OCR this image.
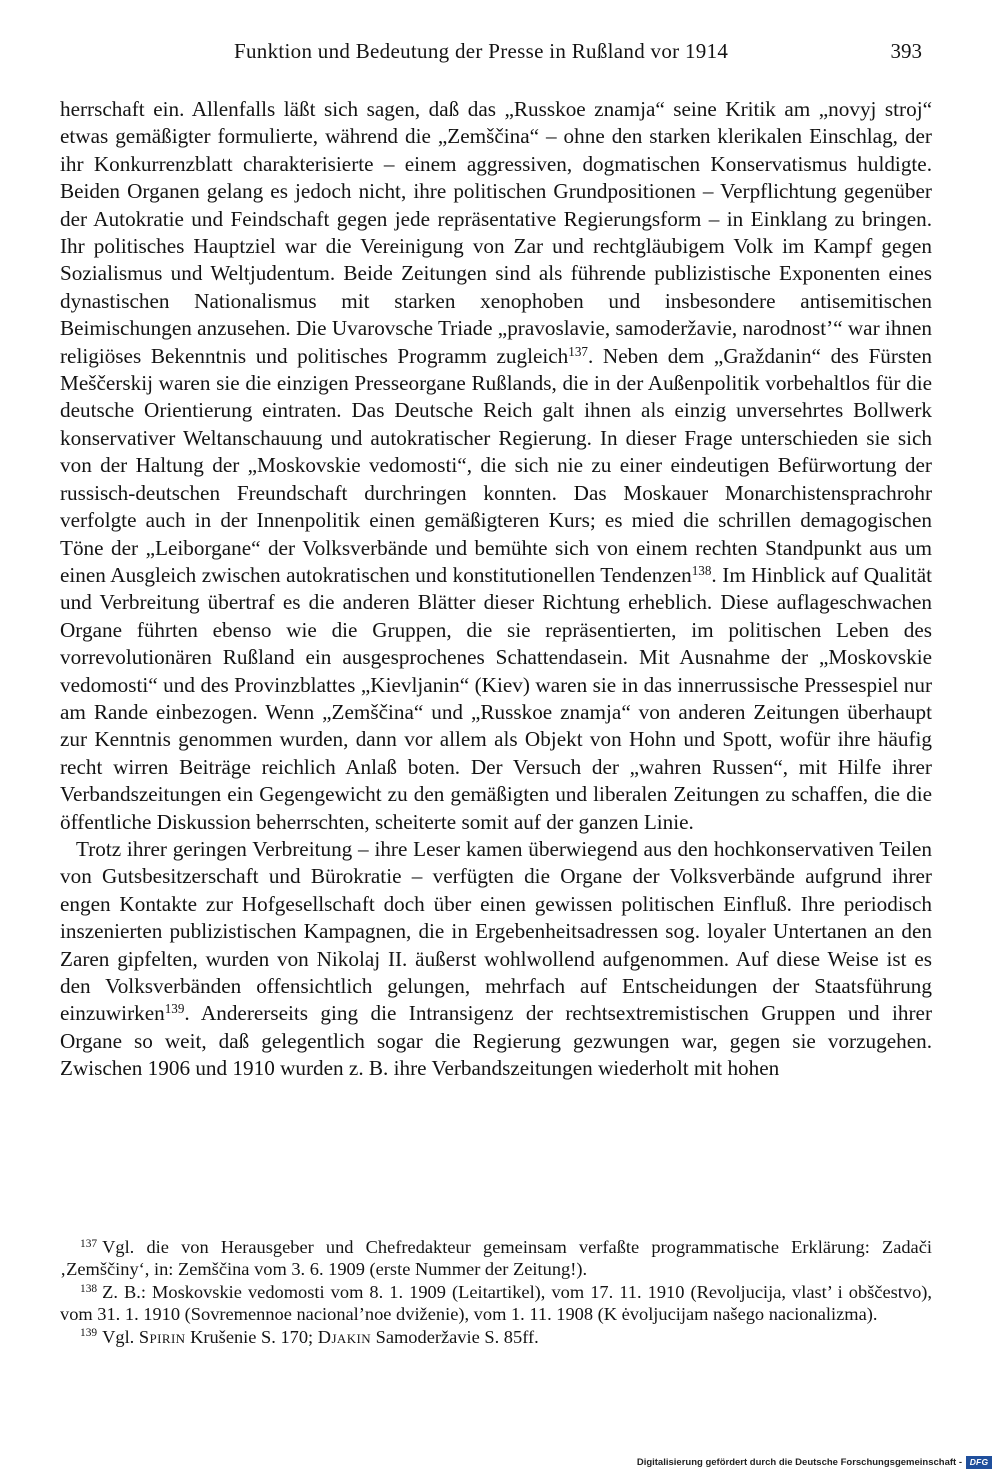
Funktion und Bedeutung der Presse in Rußland vor 1914	393

herrschaft ein. Allenfalls läßt sich sagen, daß das „Russkoe znamja“ seine Kritik am „novyj stroj“ etwas gemäßigter formulierte, während die „Zemščina“ – ohne den starken klerikalen Einschlag, der ihr Konkurrenzblatt charakterisierte – einem aggressiven, dogmatischen Konservatismus huldigte. Beiden Organen gelang es jedoch nicht, ihre politischen Grundpositionen – Verpflichtung gegenüber der Autokratie und Feindschaft gegen jede repräsentative Regierungsform – in Einklang zu bringen. Ihr politisches Hauptziel war die Vereinigung von Zar und rechtgläubigem Volk im Kampf gegen Sozialismus und Weltjudentum. Beide Zeitungen sind als führende publizistische Exponenten eines dynastischen Nationalismus mit starken xenophoben und insbesondere antisemitischen Beimischungen anzusehen. Die Uvarovsche Triade „pravoslavie, samoderžavie, narodnost’“ war ihnen religiöses Bekenntnis und politisches Programm zugleich$^{137}$. Neben dem „Graždanin“ des Fürsten Meščerskij waren sie die einzigen Presseorgane Rußlands, die in der Außenpolitik vorbehaltlos für die deutsche Orientierung eintraten. Das Deutsche Reich galt ihnen als einzig unversehrtes Bollwerk konservativer Weltanschauung und autokratischer Regierung. In dieser Frage unterschieden sie sich von der Haltung der „Moskovskie vedomosti“, die sich nie zu einer eindeutigen Befürwortung der russisch-deutschen Freundschaft durchringen konnten. Das Moskauer Monarchistensprachrohr verfolgte auch in der Innenpolitik einen gemäßigteren Kurs; es mied die schrillen demagogischen Töne der „Leiborgane“ der Volksverbände und bemühte sich von einem rechten Standpunkt aus um einen Ausgleich zwischen autokratischen und konstitutionellen Tendenzen$^{138}$. Im Hinblick auf Qualität und Verbreitung übertraf es die anderen Blätter dieser Richtung erheblich. Diese auflageschwachen Organe führten ebenso wie die Gruppen, die sie repräsentierten, im politischen Leben des vorrevolutionären Rußland ein ausgesprochenes Schattendasein. Mit Ausnahme der „Moskovskie vedomosti“ und des Provinzblattes „Kievljanin“ (Kiev) waren sie in das innerrussische Pressespiel nur am Rande einbezogen. Wenn „Zemščina“ und „Russkoe znamja“ von anderen Zeitungen überhaupt zur Kenntnis genommen wurden, dann vor allem als Objekt von Hohn und Spott, wofür ihre häufig recht wirren Beiträge reichlich Anlaß boten. Der Versuch der „wahren Russen“, mit Hilfe ihrer Verbandszeitungen ein Gegengewicht zu den gemäßigten und liberalen Zeitungen zu schaffen, die die öffentliche Diskussion beherrschten, scheiterte somit auf der ganzen Linie.

Trotz ihrer geringen Verbreitung – ihre Leser kamen überwiegend aus den hochkonservativen Teilen von Gutsbesitzerschaft und Bürokratie – verfügten die Organe der Volksverbände aufgrund ihrer engen Kontakte zur Hofgesellschaft doch über einen gewissen politischen Einfluß. Ihre periodisch inszenierten publizistischen Kampagnen, die in Ergebenheitsadressen sog. loyaler Untertanen an den Zaren gipfelten, wurden von Nikolaj II. äußerst wohlwollend aufgenommen. Auf diese Weise ist es den Volksverbänden offensichtlich gelungen, mehrfach auf Entscheidungen der Staatsführung einzuwirken$^{139}$. Andererseits ging die Intransigenz der rechtsextremistischen Gruppen und ihrer Organe so weit, daß gelegentlich sogar die Regierung gezwungen war, gegen sie vorzugehen. Zwischen 1906 und 1910 wurden z. B. ihre Verbandszeitungen wiederholt mit hohen

$^{137}$ Vgl. die von Herausgeber und Chefredakteur gemeinsam verfaßte programmatische Erklärung: Zadači ‚Zemščiny‘, in: Zemščina vom 3. 6. 1909 (erste Nummer der Zeitung!).

$^{138}$ Z. B.: Moskovskie vedomosti vom 8. 1. 1909 (Leitartikel), vom 17. 11. 1910 (Revoljucija, vlast’ i obščestvo), vom 31. 1. 1910 (Sovremennoe nacional’noe dviženie), vom 1. 11. 1908 (K ėvoljucijam našego nacionalizma).

$^{139}$ Vgl. Spirin Krušenie S. 170; Djakin Samoderžavie S. 85ff.

Digitalisierung gefördert durch die Deutsche Forschungsgemeinschaft - DFG
